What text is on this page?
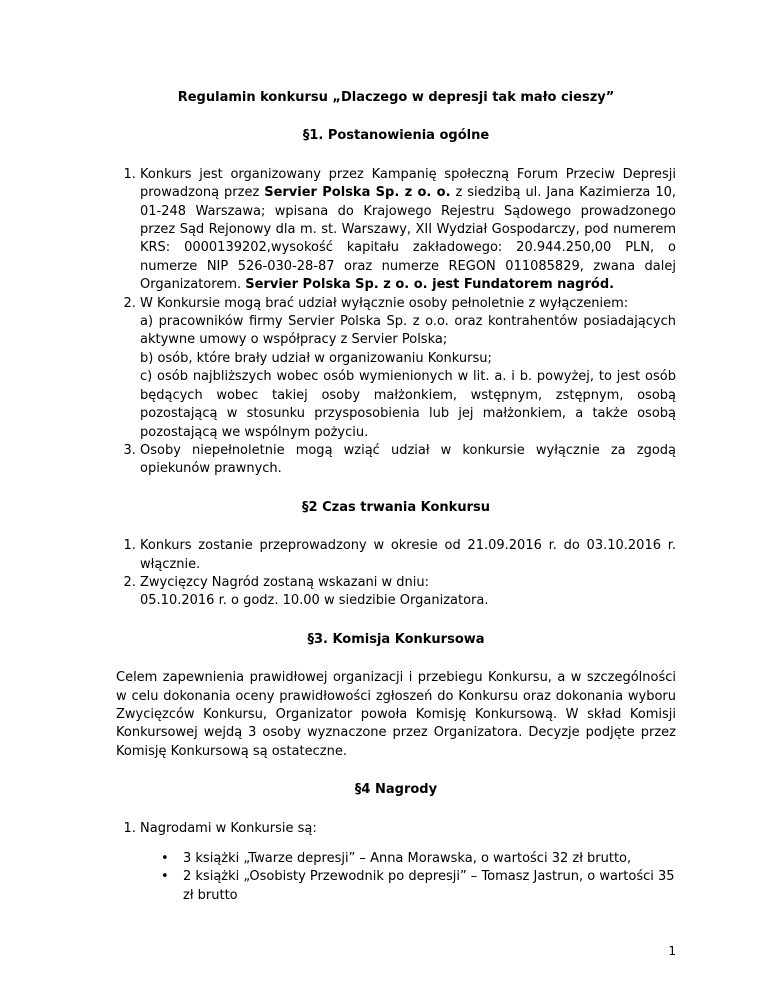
Regulamin konkursu „Dlaczego w depresji tak mało cieszy”
§1. Postanowienia ogólne
1. Konkurs jest organizowany przez Kampanię społeczną Forum Przeciw Depresji prowadzoną przez Servier Polska Sp. z o. o. z siedzibą ul. Jana Kazimierza 10, 01-248 Warszawa; wpisana do Krajowego Rejestru Sądowego prowadzonego przez Sąd Rejonowy dla m. st. Warszawy, XII Wydział Gospodarczy, pod numerem KRS: 0000139202,wysokość kapitału zakładowego: 20.944.250,00 PLN, o numerze NIP 526-030-28-87 oraz numerze REGON 011085829, zwana dalej Organizatorem. Servier Polska Sp. z o. o. jest Fundatorem nagród.
2. W Konkursie mogą brać udział wyłącznie osoby pełnoletnie z wyłączeniem:
a) pracowników firmy Servier Polska Sp. z o.o. oraz kontrahentów posiadających aktywne umowy o współpracy z Servier Polska;
b) osób, które brały udział w organizowaniu Konkursu;
c) osób najbliższych wobec osób wymienionych w lit. a. i b. powyżej, to jest osób będących wobec takiej osoby małżonkiem, wstępnym, zstępnym, osobą pozostającą w stosunku przysposobienia lub jej małżonkiem, a także osobą pozostającą we wspólnym pożyciu.
3. Osoby niepełnoletnie mogą wziąć udział w konkursie wyłącznie za zgodą opiekunów prawnych.
§2 Czas trwania Konkursu
1. Konkurs zostanie przeprowadzony w okresie od 21.09.2016 r. do 03.10.2016 r. włącznie.
2. Zwycięzcy Nagród zostaną wskazani w dniu:
05.10.2016 r. o godz. 10.00 w siedzibie Organizatora.
§3. Komisja Konkursowa
Celem zapewnienia prawidłowej organizacji i przebiegu Konkursu, a w szczególności w celu dokonania oceny prawidłowości zgłoszeń do Konkursu oraz dokonania wyboru Zwycięzców Konkursu, Organizator powoła Komisję Konkursową. W skład Komisji Konkursowej wejdą 3 osoby wyznaczone przez Organizatora. Decyzje podjęte przez Komisję Konkursową są ostateczne.
§4 Nagrody
1. Nagrodami w Konkursie są:
• 3 książki „Twarze depresji” – Anna Morawska, o wartości 32 zł brutto,
• 2 książki „Osobisty Przewodnik po depresji” – Tomasz Jastrun, o wartości 35 zł brutto
1
